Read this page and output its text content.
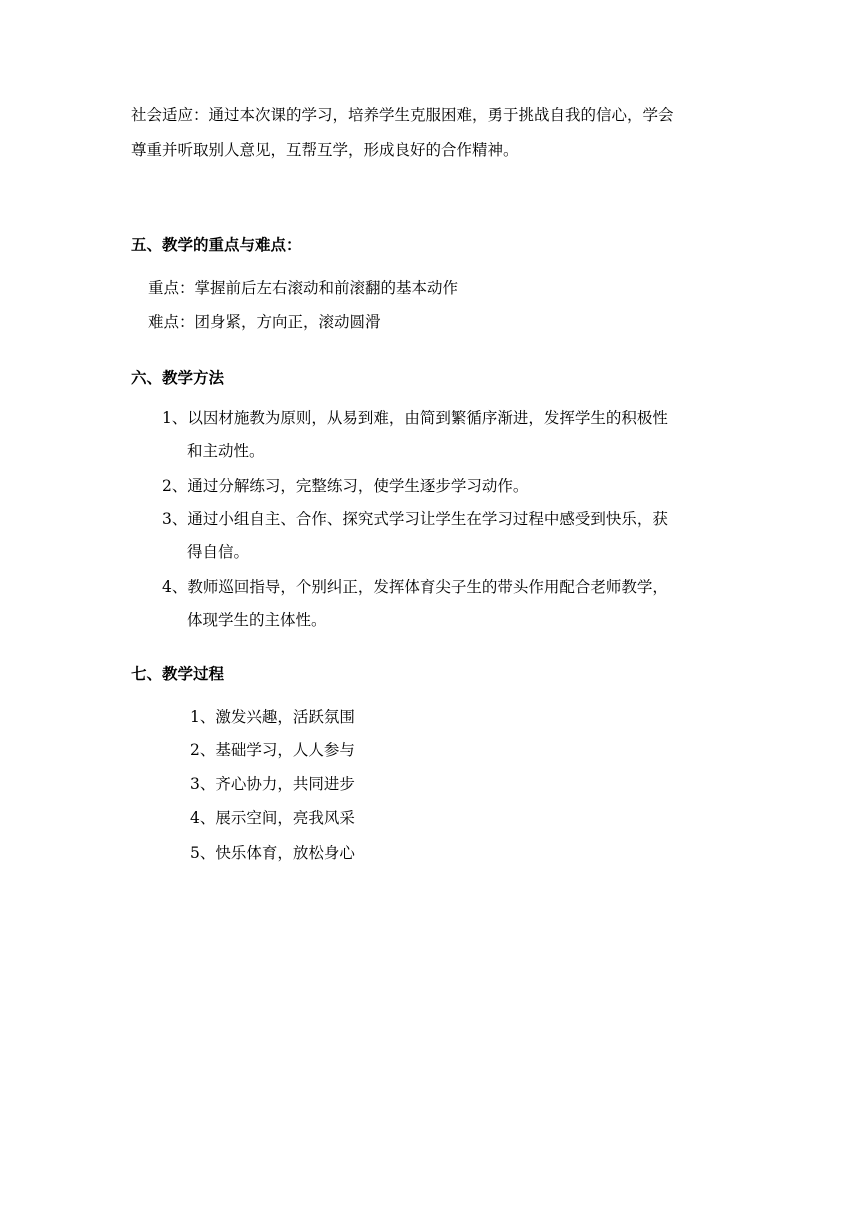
社会适应：通过本次课的学习，培养学生克服困难，勇于挑战自我的信心，学会
尊重并听取别人意见，互帮互学，形成良好的合作精神。
五、教学的重点与难点：
重点：掌握前后左右滚动和前滚翻的基本动作
难点：团身紧，方向正，滚动圆滑
六、教学方法
1、以因材施教为原则，从易到难，由简到繁循序渐进，发挥学生的积极性
和主动性。
2、通过分解练习，完整练习，使学生逐步学习动作。
3、通过小组自主、合作、探究式学习让学生在学习过程中感受到快乐，获
得自信。
4、教师巡回指导，个别纠正，发挥体育尖子生的带头作用配合老师教学，
体现学生的主体性。
七、教学过程
1、激发兴趣，活跃氛围
2、基础学习，人人参与
3、齐心协力，共同进步
4、展示空间，亮我风采
5、快乐体育，放松身心
